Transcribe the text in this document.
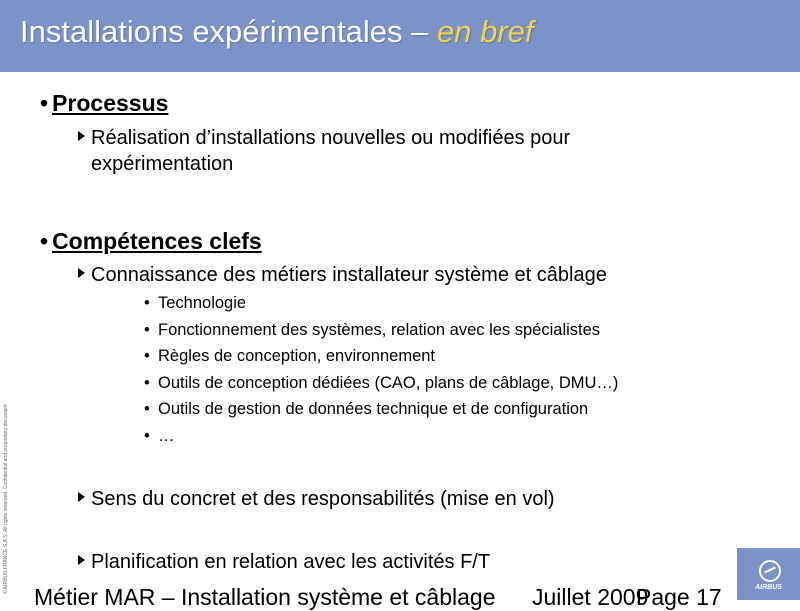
Installations expérimentales – en bref
• Processus
Réalisation d’installations nouvelles ou modifiées pour expérimentation
• Compétences clefs
Connaissance des métiers installateur système et câblage
• Technologie
• Fonctionnement des systèmes, relation avec les spécialistes
• Règles de conception, environnement
• Outils de conception dédiées (CAO, plans de câblage, DMU…)
• Outils de gestion de données technique et de configuration
• …
Sens du concret et des responsabilités (mise en vol)
Planification en relation avec les activités F/T
© AIRBUS FRANCE S.A.S. All rights reserved. Confidential and proprietary document.
Métier MAR – Installation système et câblage Juillet 2009
Page 17	AIRBUS
